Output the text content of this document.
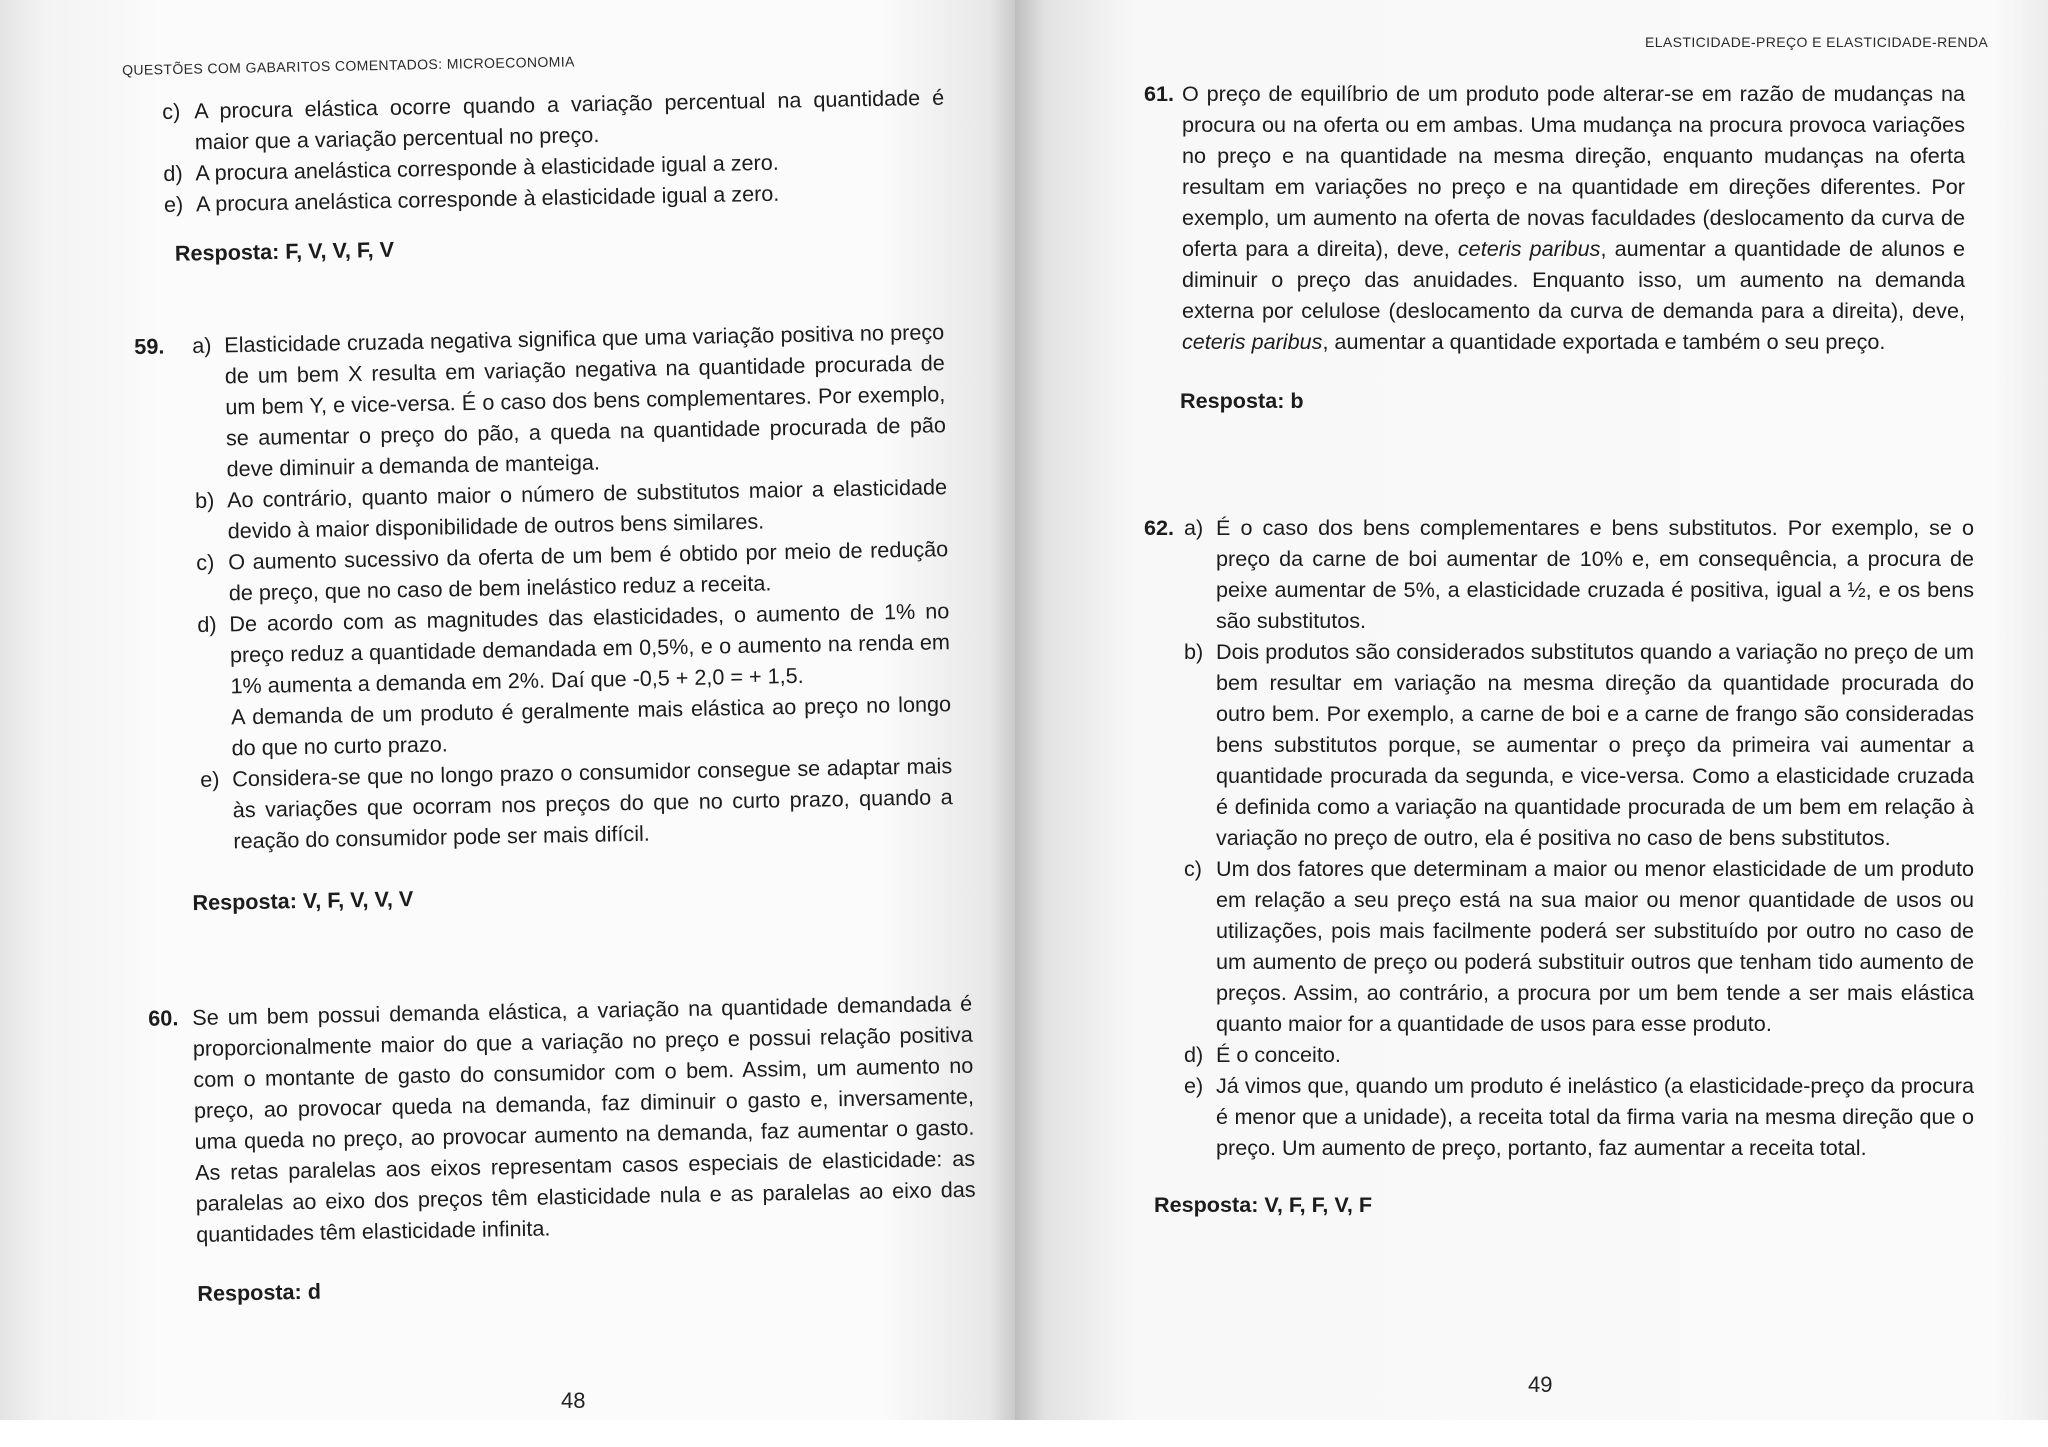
QUESTÕES COM GABARITOS COMENTADOS: MICROECONOMIA
c) A procura elástica ocorre quando a variação percentual na quantidade é maior que a variação percentual no preço.
d) A procura anelástica corresponde à elasticidade igual a zero.
e) A procura anelástica corresponde à elasticidade igual a zero.
Resposta: F, V, V, F, V
59. a) Elasticidade cruzada negativa significa que uma variação positiva no preço de um bem X resulta em variação negativa na quantidade procurada de um bem Y, e vice-versa. É o caso dos bens complementares. Por exemplo, se aumentar o preço do pão, a queda na quantidade procurada de pão deve diminuir a demanda de manteiga.
b) Ao contrário, quanto maior o número de substitutos maior a elasticidade devido à maior disponibilidade de outros bens similares.
c) O aumento sucessivo da oferta de um bem é obtido por meio de redução de preço, que no caso de bem inelástico reduz a receita.
d) De acordo com as magnitudes das elasticidades, o aumento de 1% no preço reduz a quantidade demandada em 0,5%, e o aumento na renda em 1% aumenta a demanda em 2%. Daí que -0,5 + 2,0 = + 1,5.
A demanda de um produto é geralmente mais elástica ao preço no longo do que no curto prazo.
e) Considera-se que no longo prazo o consumidor consegue se adaptar mais às variações que ocorram nos preços do que no curto prazo, quando a reação do consumidor pode ser mais difícil.
Resposta: V, F, V, V, V
60. Se um bem possui demanda elástica, a variação na quantidade demandada é proporcionalmente maior do que a variação no preço e possui relação positiva com o montante de gasto do consumidor com o bem. Assim, um aumento no preço, ao provocar queda na demanda, faz diminuir o gasto e, inversamente, uma queda no preço, ao provocar aumento na demanda, faz aumentar o gasto. As retas paralelas aos eixos representam casos especiais de elasticidade: as paralelas ao eixo dos preços têm elasticidade nula e as paralelas ao eixo das quantidades têm elasticidade infinita.
Resposta: d
48
ELASTICIDADE-PREÇO E ELASTICIDADE-RENDA
61. O preço de equilíbrio de um produto pode alterar-se em razão de mudanças na procura ou na oferta ou em ambas. Uma mudança na procura provoca variações no preço e na quantidade na mesma direção, enquanto mudanças na oferta resultam em variações no preço e na quantidade em direções diferentes. Por exemplo, um aumento na oferta de novas faculdades (deslocamento da curva de oferta para a direita), deve, ceteris paribus, aumentar a quantidade de alunos e diminuir o preço das anuidades. Enquanto isso, um aumento na demanda externa por celulose (deslocamento da curva de demanda para a direita), deve, ceteris paribus, aumentar a quantidade exportada e também o seu preço.
Resposta: b
62. a) É o caso dos bens complementares e bens substitutos. Por exemplo, se o preço da carne de boi aumentar de 10% e, em consequência, a procura de peixe aumentar de 5%, a elasticidade cruzada é positiva, igual a ½, e os bens são substitutos.
b) Dois produtos são considerados substitutos quando a variação no preço de um bem resultar em variação na mesma direção da quantidade procurada do outro bem. Por exemplo, a carne de boi e a carne de frango são consideradas bens substitutos porque, se aumentar o preço da primeira vai aumentar a quantidade procurada da segunda, e vice-versa. Como a elasticidade cruzada é definida como a variação na quantidade procurada de um bem em relação à variação no preço de outro, ela é positiva no caso de bens substitutos.
c) Um dos fatores que determinam a maior ou menor elasticidade de um produto em relação a seu preço está na sua maior ou menor quantidade de usos ou utilizações, pois mais facilmente poderá ser substituído por outro no caso de um aumento de preço ou poderá substituir outros que tenham tido aumento de preços. Assim, ao contrário, a procura por um bem tende a ser mais elástica quanto maior for a quantidade de usos para esse produto.
d) É o conceito.
e) Já vimos que, quando um produto é inelástico (a elasticidade-preço da procura é menor que a unidade), a receita total da firma varia na mesma direção que o preço. Um aumento de preço, portanto, faz aumentar a receita total.
Resposta: V, F, F, V, F
49
